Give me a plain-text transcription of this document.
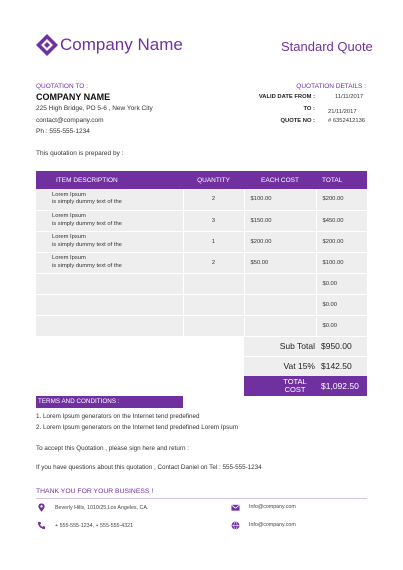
Company Name	Standard Quote
QUOTATION TO :
COMPANY NAME
225 High Bridge, PO 5-6 , New York City
contact@company.com
Ph : 555-555-1234
QUOTATION DETAILS :
VALID DATE FROM :	11/11/2017
TO : 21/11/2017
QUOTE NO : # 6352412136
This quotation is prepared by :
ITEM DESCRIPTION	QUANTITY	EACH COST	TOTAL

Lorem Ipsum
is simply dummy text of the	2	$100.00	$200.00

Lorem Ipsum
is simply dummy text of the	3	$150.00	$450.00

Lorem Ipsum
is simply dummy text of the	1	$200.00	$200.00

Lorem Ipsum
is simply dummy text of the	2	$50.00	$100.00
			$0.00
			$0.00
			$0.00
Sub Total $950.00
Vat 15% $142.50
TOTAL COST	$1,092.50
TERMS AND CONDITIONS :
1. Lorem Ipsum generators on the Internet tend predefined
2. Lorem Ipsum generators on the Internet tend predefined Lorem Ipsum
To accept this Quotation , please sign here and return :
If you have questions about this quotation , Contact Daniel on Tel : 555-555-1234
THANK YOU FOR YOUR BUSINESS !
Beverly Hills, 1010/25,Los Angeles, CA.
+ 555-555-1234, + 555-555-4321
Info@company.com
Info@company.com
